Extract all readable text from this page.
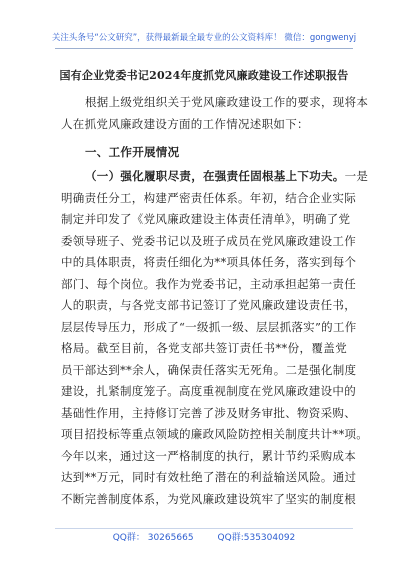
关注头条号“公文研究”，获得最新最全最专业的公文资料库！ 微信：gongwenyj
国有企业党委书记2024年度抓党风廉政建设工作述职报告
根据上级党组织关于党风廉政建设工作的要求，现将本
人在抓党风廉政建设方面的工作情况述职如下：
一、工作开展情况
（一）强化履职尽责，在强责任固根基上下功夫。一是
明确责任分工，构建严密责任体系。年初，结合企业实际
制定并印发了《党风廉政建设主体责任清单》，明确了党
委领导班子、党委书记以及班子成员在党风廉政建设工作
中的具体职责，将责任细化为**项具体任务，落实到每个
部门、每个岗位。我作为党委书记，主动承担起第一责任
人的职责，与各党支部书记签订了党风廉政建设责任书，
层层传导压力，形成了“一级抓一级、层层抓落实”的工作
格局。截至目前，各党支部共签订责任书**份，覆盖党
员干部达到**余人，确保责任落实无死角。二是强化制度
建设，扎紧制度笼子。高度重视制度在党风廉政建设中的
基础性作用，主持修订完善了涉及财务审批、物资采购、
项目招投标等重点领域的廉政风险防控相关制度共计**项。
今年以来，通过这一严格制度的执行，累计节约采购成本
达到**万元，同时有效杜绝了潜在的利益输送风险。通过
不断完善制度体系，为党风廉政建设筑牢了坚实的制度根
QQ群： 30265665	QQ群:535304092
